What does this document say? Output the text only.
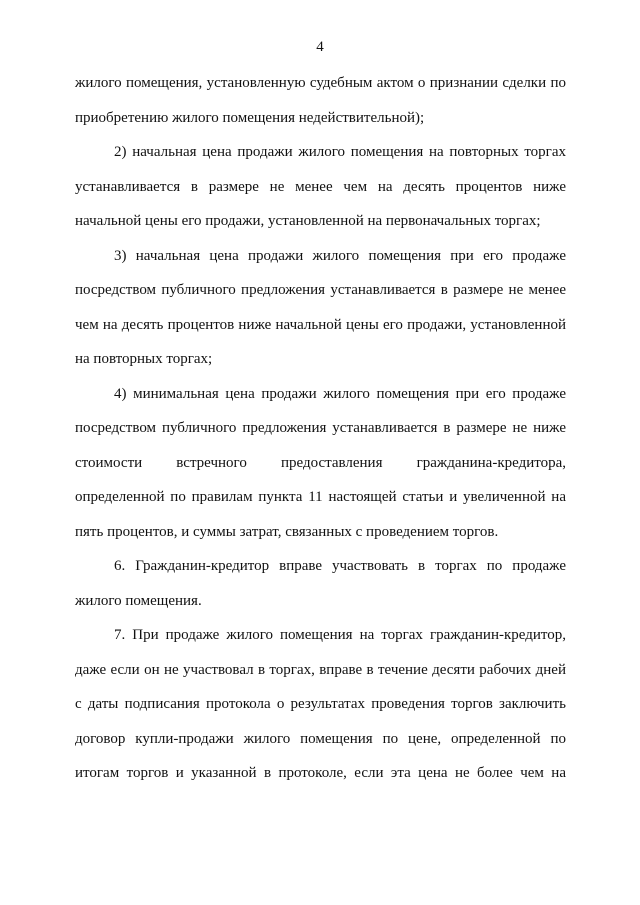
4

жилого помещения, установленную судебным актом о признании сделки по приобретению жилого помещения недействительной);

2) начальная цена продажи жилого помещения на повторных торгах устанавливается в размере не менее чем на десять процентов ниже начальной цены его продажи, установленной на первоначальных торгах;

3) начальная цена продажи жилого помещения при его продаже посредством публичного предложения устанавливается в размере не менее чем на десять процентов ниже начальной цены его продажи, установленной на повторных торгах;

4) минимальная цена продажи жилого помещения при его продаже посредством публичного предложения устанавливается в размере не ниже стоимости встречного предоставления гражданина-кредитора, определенной по правилам пункта 11 настоящей статьи и увеличенной на пять процентов, и суммы затрат, связанных с проведением торгов.

6. Гражданин-кредитор вправе участвовать в торгах по продаже жилого помещения.

7. При продаже жилого помещения на торгах гражданин-кредитор, даже если он не участвовал в торгах, вправе в течение десяти рабочих дней с даты подписания протокола о результатах проведения торгов заключить договор купли-продажи жилого помещения по цене, определенной по итогам торгов и указанной в протоколе, если эта цена не более чем на
